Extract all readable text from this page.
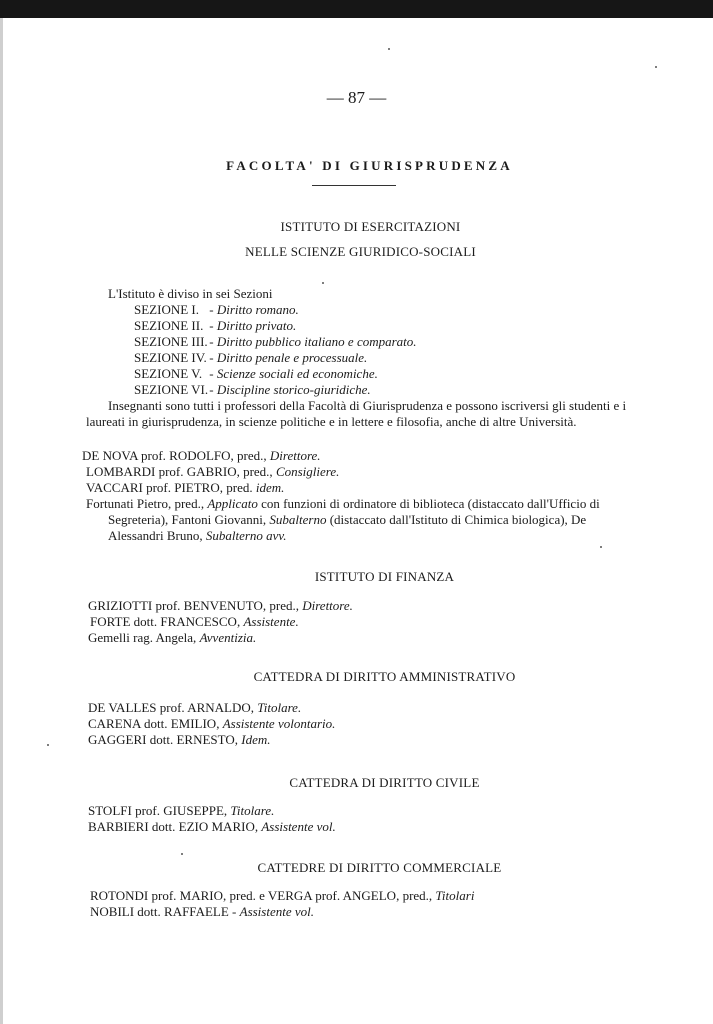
— 87 —
FACOLTA' DI GIURISPRUDENZA
ISTITUTO DI ESERCITAZIONI
NELLE SCIENZE GIURIDICO-SOCIALI
L'Istituto è diviso in sei Sezioni
SEZIONE I. - Diritto romano.
SEZIONE II. - Diritto privato.
SEZIONE III. - Diritto pubblico italiano e comparato.
SEZIONE IV. - Diritto penale e processuale.
SEZIONE V. - Scienze sociali ed economiche.
SEZIONE VI. - Discipline storico-giuridiche.
Insegnanti sono tutti i professori della Facoltà di Giurisprudenza e possono iscriversi gli studenti e i laureati in giurisprudenza, in scienze politiche e in lettere e filosofia, anche di altre Università.
DE NOVA prof. RODOLFO, pred., Direttore.
LOMBARDI prof. GABRIO, pred., Consigliere.
VACCARI prof. PIETRO, pred. idem.
Fortunati Pietro, pred., Applicato con funzioni di ordinatore di biblioteca (distaccato dall'Ufficio di Segreteria), Fantoni Giovanni, Subalterno (distaccato dall'Istituto di Chimica biologica), De Alessandri Bruno, Subalterno avv.
ISTITUTO DI FINANZA
GRIZIOTTI prof. BENVENUTO, pred., Direttore.
FORTE dott. FRANCESCO, Assistente.
Gemelli rag. Angela, Avventizia.
CATTEDRA DI DIRITTO AMMINISTRATIVO
DE VALLES prof. ARNALDO, Titolare.
CARENA dott. EMILIO, Assistente volontario.
GAGGERI dott. ERNESTO, Idem.
CATTEDRA DI DIRITTO CIVILE
STOLFI prof. GIUSEPPE, Titolare.
BARBIERI dott. EZIO MARIO, Assistente vol.
CATTEDRE DI DIRITTO COMMERCIALE
ROTONDI prof. MARIO, pred. e VERGA prof. ANGELO, pred., Titolari
NOBILI dott. RAFFAELE - Assistente vol.
